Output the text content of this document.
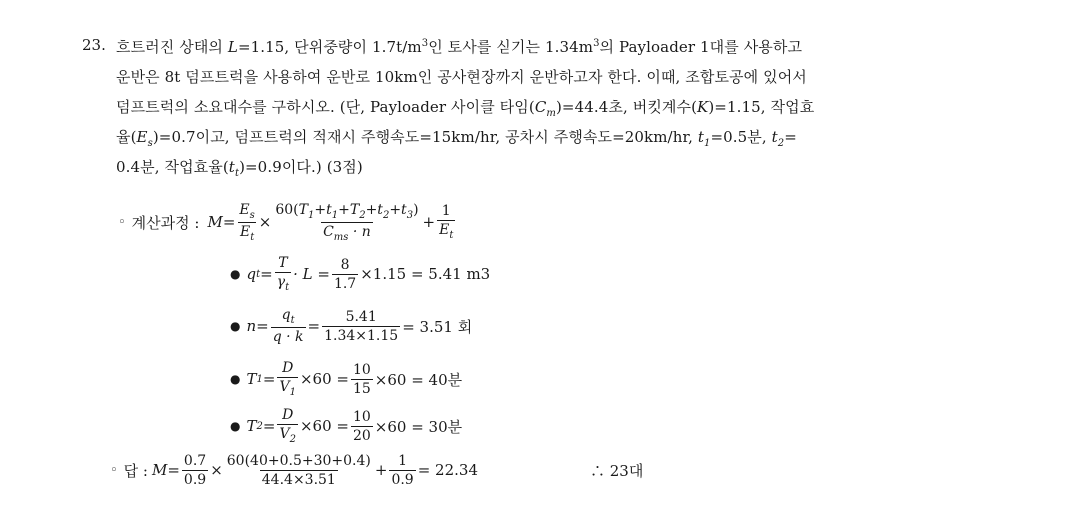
23. 흐트러진 상태의 L=1.15, 단위중량이 $1.7t/m^3$인 토사를 싣기는 $1.34m^3$의 Payloader 1대를 사용하고
운반은 8t 덤프트럭을 사용하여 운반로 10km인 공사현장까지 운반하고자 한다. 이때, 조합토공에 있어서
덤프트럭의 소요대수를 구하시오. (단, Payloader 사이클 타임$(C_m)=44.4$초, 버킷계수(K)=1.15, 작업효
율$(E_s)=0.7$이고, 덤프트럭의 적재시 주행속도=15km/hr, 공차시 주행속도=20km/hr, $t_1=0.5$분, $t_2=$
0.4분, 작업효율$(t_t)=0.9$이다.) (3점)
◦ 계산과정 : $M = \frac{E_s}{E_t} \times \frac{60(T_1+t_1+T_2+t_2+t_3)}{C_{ms} \cdot n} + \frac{1}{E_t}$
● q $t = \frac{T}{\gamma_t} \cdot L = \frac{8}{1.7} \times 1.15 = 5.41$ m3
● $n = \frac{q_t}{q \cdot k} = \frac{5.41}{1.34\times 1.15} = 3.51$ 회
● T $1 = \frac{D}{V_1} \times 60 = \frac{10}{15} \times 60 = 40$분
● T $2 = \frac{D}{V_2} \times 60 = \frac{10}{20} \times 60 = 30$분
◦ 답 : $M = \frac{0.7}{0.9} \times \frac{60(40+0.5+30+0.4)}{44.4\times 3.51} + \frac{1}{0.9} = 22.34$	∴ 23대
